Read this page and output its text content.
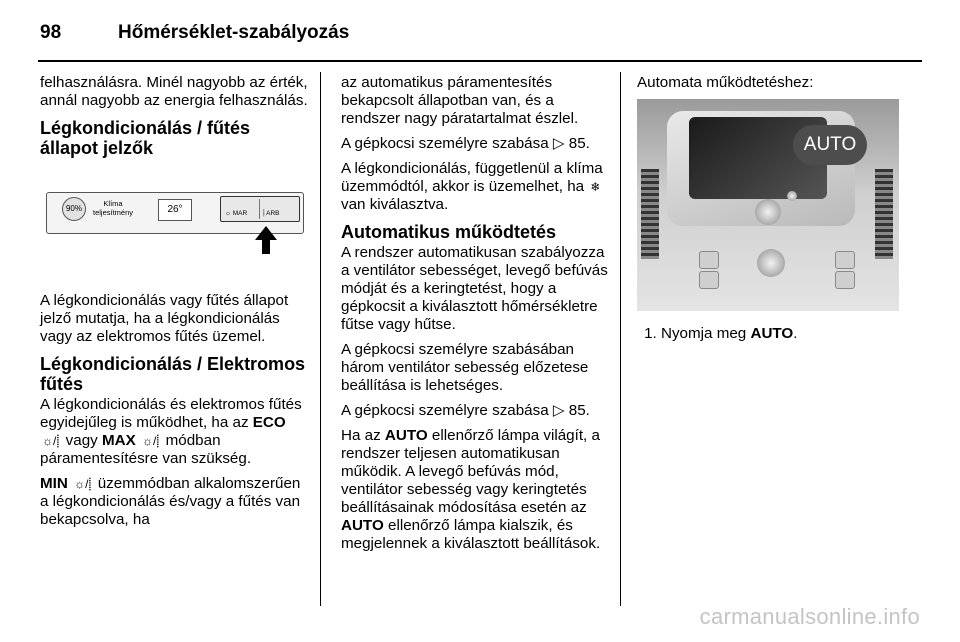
98	Hőmérséklet-szabályozás

felhasználásra. Minél nagyobb az érték, annál nagyobb az energia felhasználás.

Légkondicionálás / fűtés állapot jelzők
90%
Klíma teljesítmény	26°	☼ MAR ⸽ ARB

A légkondicionálás vagy fűtés állapot jelző mutatja, ha a légkondicionálás vagy az elektromos fűtés üzemel.

Légkondicionálás / Elektromos fűtés

A légkondicionálás és elektromos fűtés egyidejűleg is működhet, ha az ECO ☼/⸽ vagy MAX ☼/⸽ módban páramentesítésre van szükség.

MIN ☼/⸽ üzemmódban alkalomszerűen a légkondicionálás és/vagy a fűtés van bekapcsolva, ha

az automatikus páramentesítés bekapcsolt állapotban van, és a rendszer nagy páratartalmat észlel.

A gépkocsi személyre szabása ▷ 85.

A légkondicionálás, függetlenül a klíma üzemmódtól, akkor is üzemelhet, ha ❄ van kiválasztva.

Automatikus működtetés

A rendszer automatikusan szabályozza a ventilátor sebességet, levegő befúvás módját és a keringtetést, hogy a gépkocsit a kiválasztott hőmérsékletre fűtse vagy hűtse.

A gépkocsi személyre szabásában három ventilátor sebesség előzetese beállítása is lehetséges.

A gépkocsi személyre szabása ▷ 85.

Ha az AUTO ellenőrző lámpa világít, a rendszer teljesen automatikusan működik. A levegő befúvás mód, ventilátor sebesség vagy keringtetés beállításainak módosítása esetén az AUTO ellenőrző lámpa kialszik, és megjelennek a kiválasztott beállítások.

Automata működtetéshez:

AUTO
1. Nyomja meg AUTO.
carmanualsonline.info
